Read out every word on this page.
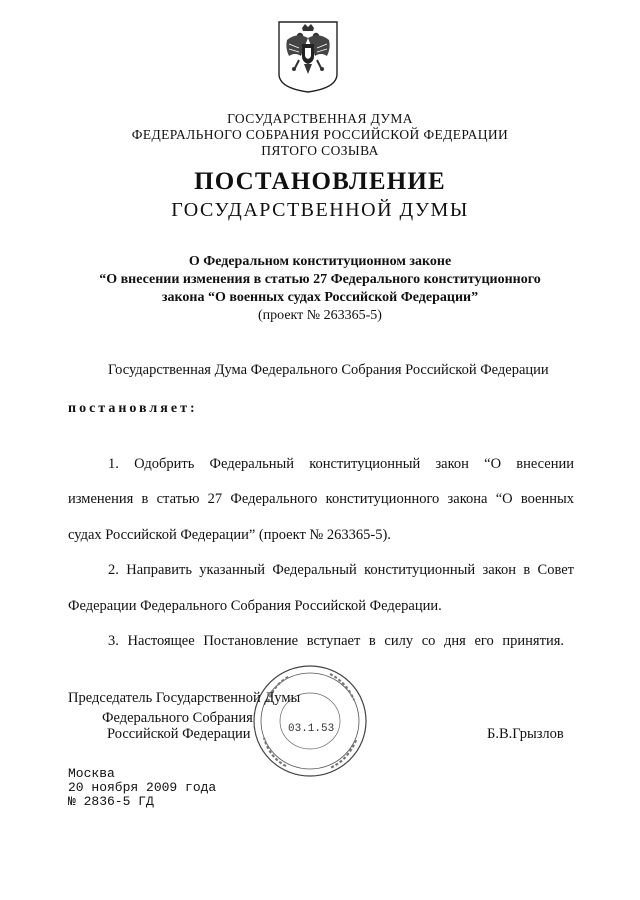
ГОСУДАРСТВЕННАЯ ДУМА
ФЕДЕРАЛЬНОГО СОБРАНИЯ РОССИЙСКОЙ ФЕДЕРАЦИИ
ПЯТОГО СОЗЫВА
ПОСТАНОВЛЕНИЕ
ГОСУДАРСТВЕННОЙ ДУМЫ
О Федеральном конституционном законе
“О внесении изменения в статью 27 Федерального конституционного
закона “О военных судах Российской Федерации”
(проект № 263365-5)
Государственная Дума Федерального Собрания Российской Федерации
постановляет:
1. Одобрить Федеральный конституционный закон “О внесении
изменения в статью 27 Федерального конституционного закона “О военных
судах Российской Федерации” (проект № 263365-5).
2. Направить указанный Федеральный конституционный закон в Совет
Федерации Федерального Собрания Российской Федерации.
3. Настоящее Постановление вступает в силу со дня его принятия.
03.1.53
Председатель Государственной Думы
Федерального Собрания
Российской Федерации	Б.В.Грызлов
Москва
20 ноября 2009 года
№ 2836-5 ГД
